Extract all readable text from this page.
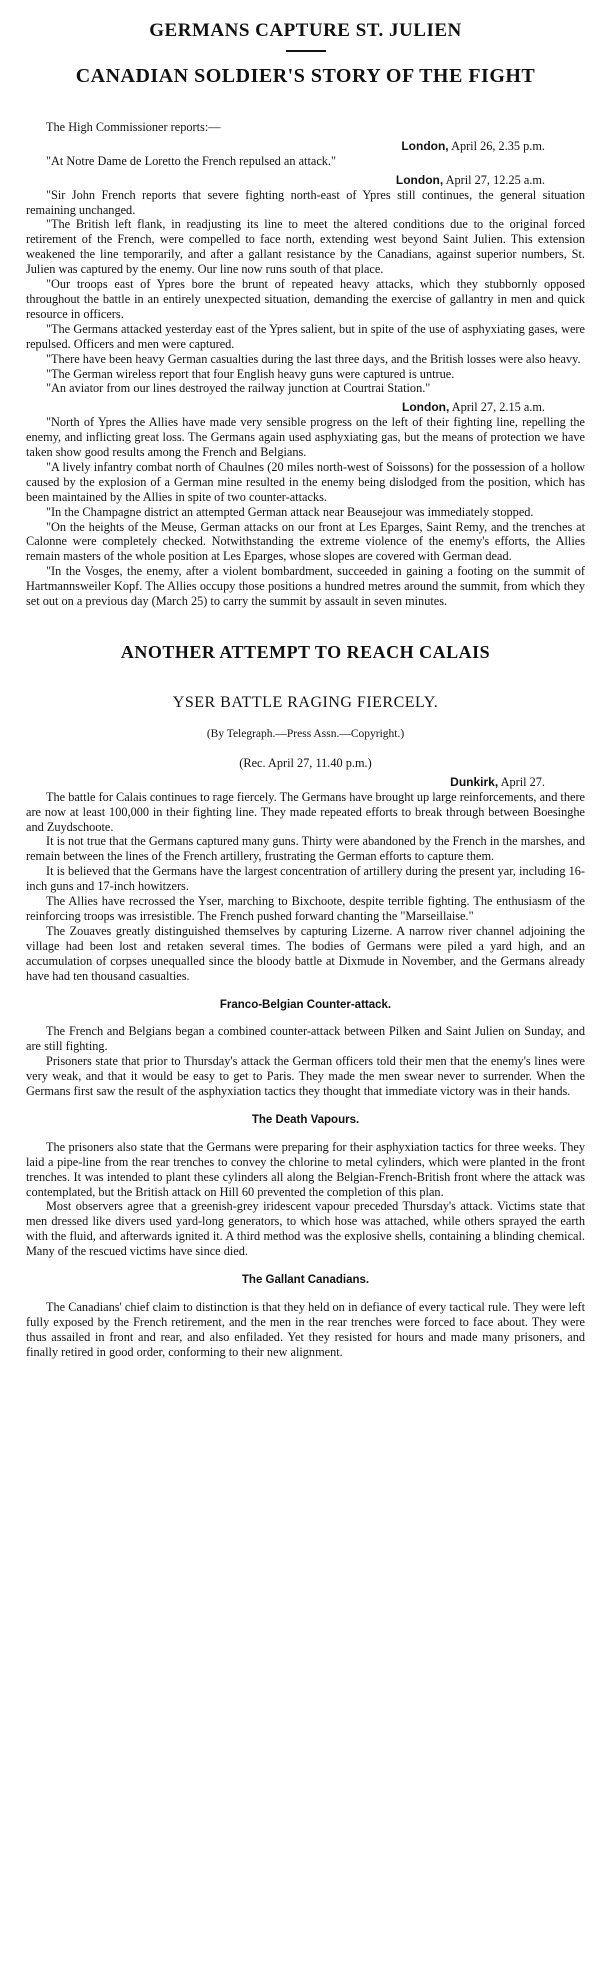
GERMANS CAPTURE ST. JULIEN
CANADIAN SOLDIER'S STORY OF THE FIGHT

The High Commissioner reports:—

London, April 26, 2.35 p.m.

"At Notre Dame de Loretto the French repulsed an attack."

London, April 27, 12.25 a.m.

"Sir John French reports that severe fighting north-east of Ypres still continues, the general situation remaining unchanged.

"The British left flank, in readjusting its line to meet the altered conditions due to the original forced retirement of the French, were compelled to face north, extending west beyond Saint Julien. This extension weakened the line temporarily, and after a gallant resistance by the Canadians, against superior numbers, St. Julien was captured by the enemy. Our line now runs south of that place.

"Our troops east of Ypres bore the brunt of repeated heavy attacks, which they stubbornly opposed throughout the battle in an entirely unexpected situation, demanding the exercise of gallantry in men and quick resource in officers.

"The Germans attacked yesterday east of the Ypres salient, but in spite of the use of asphyxiating gases, were repulsed. Officers and men were captured.

"There have been heavy German casualties during the last three days, and the British losses were also heavy.

"The German wireless report that four English heavy guns were captured is untrue.

"An aviator from our lines destroyed the railway junction at Courtrai Station."

London, April 27, 2.15 a.m.

"North of Ypres the Allies have made very sensible progress on the left of their fighting line, repelling the enemy, and inflicting great loss. The Germans again used asphyxiating gas, but the means of protection we have taken show good results among the French and Belgians.

"A lively infantry combat north of Chaulnes (20 miles north-west of Soissons) for the possession of a hollow caused by the explosion of a German mine resulted in the enemy being dislodged from the position, which has been maintained by the Allies in spite of two counter-attacks.

"In the Champagne district an attempted German attack near Beausejour was immediately stopped.

"On the heights of the Meuse, German attacks on our front at Les Eparges, Saint Remy, and the trenches at Calonne were completely checked. Notwithstanding the extreme violence of the enemy's efforts, the Allies remain masters of the whole position at Les Eparges, whose slopes are covered with German dead.

"In the Vosges, the enemy, after a violent bombardment, succeeded in gaining a footing on the summit of Hartmannsweiler Kopf. The Allies occupy those positions a hundred metres around the summit, from which they set out on a previous day (March 25) to carry the summit by assault in seven minutes.

ANOTHER ATTEMPT TO REACH CALAIS
YSER BATTLE RAGING FIERCELY.
(By Telegraph.—Press Assn.—Copyright.)
(Rec. April 27, 11.40 p.m.)
Dunkirk, April 27.

The battle for Calais continues to rage fiercely. The Germans have brought up large reinforcements, and there are now at least 100,000 in their fighting line. They made repeated efforts to break through between Boesinghe and Zuydschoote.

It is not true that the Germans captured many guns. Thirty were abandoned by the French in the marshes, and remain between the lines of the French artillery, frustrating the German efforts to capture them.

It is believed that the Germans have the largest concentration of artillery during the present yar, including 16-inch guns and 17-inch howitzers.

The Allies have recrossed the Yser, marching to Bixchoote, despite terrible fighting. The enthusiasm of the reinforcing troops was irresistible. The French pushed forward chanting the "Marseillaise."

The Zouaves greatly distinguished themselves by capturing Lizerne. A narrow river channel adjoining the village had been lost and retaken several times. The bodies of Germans were piled a yard high, and an accumulation of corpses unequalled since the bloody battle at Dixmude in November, and the Germans already have had ten thousand casualties.

Franco-Belgian Counter-attack.

The French and Belgians began a combined counter-attack between Pilken and Saint Julien on Sunday, and are still fighting.

Prisoners state that prior to Thursday's attack the German officers told their men that the enemy's lines were very weak, and that it would be easy to get to Paris. They made the men swear never to surrender. When the Germans first saw the result of the asphyxiation tactics they thought that immediate victory was in their hands.

The Death Vapours.

The prisoners also state that the Germans were preparing for their asphyxiation tactics for three weeks. They laid a pipe-line from the rear trenches to convey the chlorine to metal cylinders, which were planted in the front trenches. It was intended to plant these cylinders all along the Belgian-French-British front where the attack was contemplated, but the British attack on Hill 60 prevented the completion of this plan.

Most observers agree that a greenish-grey iridescent vapour preceded Thursday's attack. Victims state that men dressed like divers used yard-long generators, to which hose was attached, while others sprayed the earth with the fluid, and afterwards ignited it. A third method was the explosive shells, containing a blinding chemical. Many of the rescued victims have since died.

The Gallant Canadians.

The Canadians' chief claim to distinction is that they held on in defiance of every tactical rule. They were left fully exposed by the French retirement, and the men in the rear trenches were forced to face about. They were thus assailed in front and rear, and also enfiladed. Yet they resisted for hours and made many prisoners, and finally retired in good order, conforming to their new alignment.
